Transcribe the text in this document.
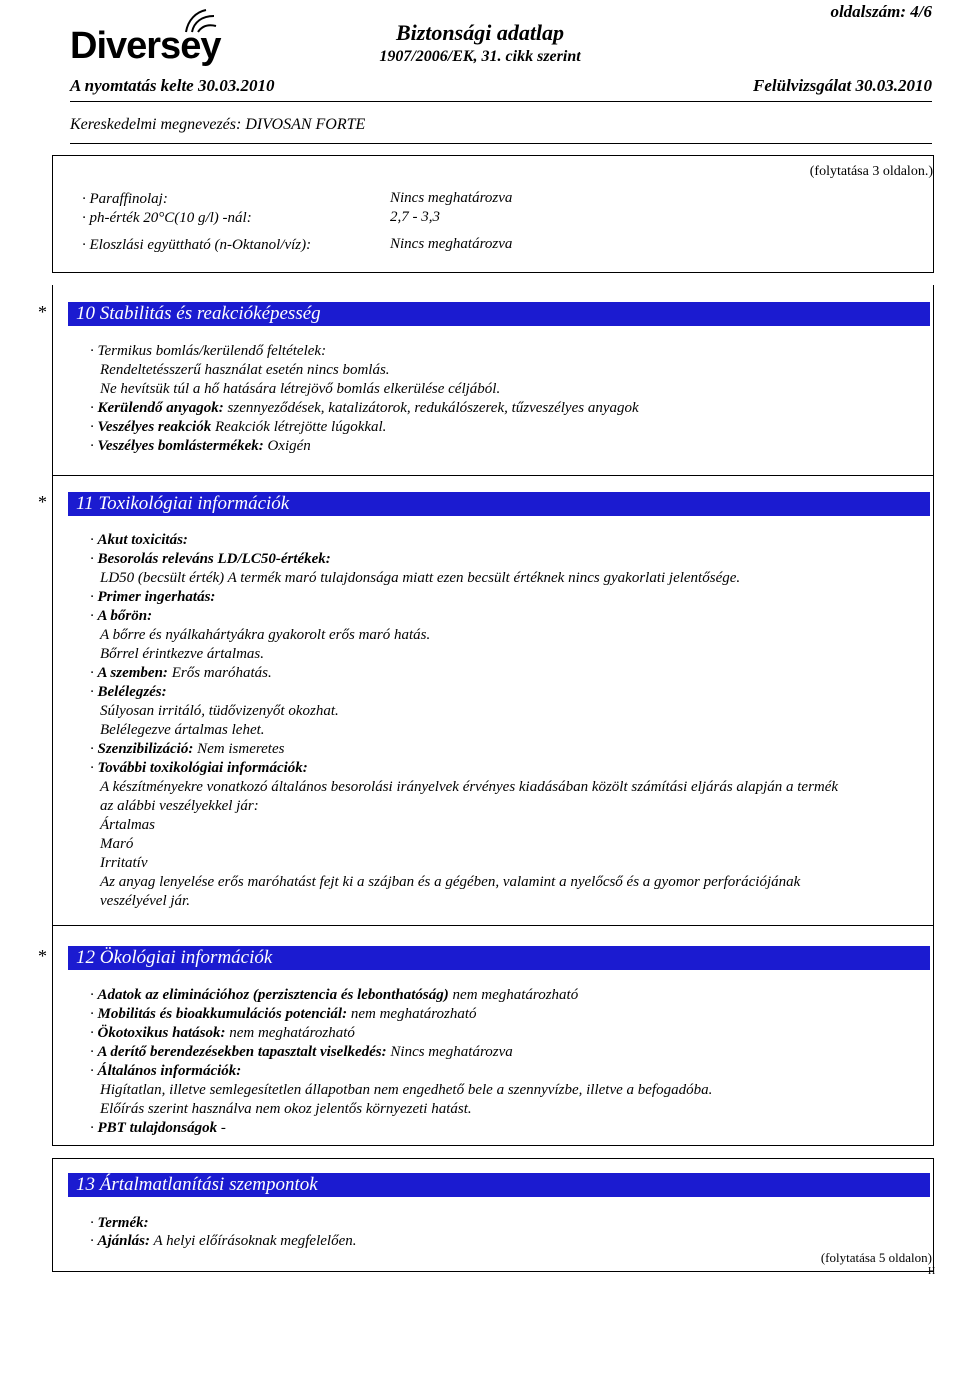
Diversey	Biztonsági adatlap
1907/2006/EK, 31. cikk szerint
oldalszám: 4/6
A nyomtatás kelte 30.03.2010	Felülvizsgálat 30.03.2010
Kereskedelmi megnevezés: DIVOSAN FORTE
(folytatása 3 oldalon.)
· Paraffinolaj:	Nincs meghatározva
· ph-érték 20°C(10 g/l) -nál:	2,7 - 3,3
· Eloszlási együttható (n-Oktanol/víz):	Nincs meghatározva
*	10 Stabilitás és reakcióképesség
· Termikus bomlás/kerülendő feltételek:
Rendeltetésszerű használat esetén nincs bomlás.
Ne hevítsük túl a hő hatására létrejövő bomlás elkerülése céljából.
· Kerülendő anyagok: szennyeződések, katalizátorok, redukálószerek, tűzveszélyes anyagok
· Veszélyes reakciók Reakciók létrejötte lúgokkal.
· Veszélyes bomlástermékek: Oxigén
*	11 Toxikológiai információk
· Akut toxicitás:
· Besorolás releváns LD/LC50-értékek:
LD50 (becsült érték) A termék maró tulajdonsága miatt ezen becsült értéknek nincs gyakorlati jelentősége.
· Primer ingerhatás:
· A bőrön:
A bőrre és nyálkahártyákra gyakorolt erős maró hatás.
Bőrrel érintkezve ártalmas.
· A szemben: Erős maróhatás.
· Belélegzés:
Súlyosan irritáló, tüdővizenyőt okozhat.
Belélegezve ártalmas lehet.
· Szenzibilizáció: Nem ismeretes
· További toxikológiai információk:
A készítményekre vonatkozó általános besorolási irányelvek érvényes kiadásában közölt számítási eljárás alapján a termék
az alábbi veszélyekkel jár:
Ártalmas
Maró
Irritatív
Az anyag lenyelése erős maróhatást fejt ki a szájban és a gégében, valamint a nyelőcső és a gyomor perforációjának
veszélyével jár.
*	12 Ökológiai információk
· Adatok az eliminációhoz (perzisztencia és lebonthatóság) nem meghatározható
· Mobilitás és bioakkumulációs potenciál: nem meghatározható
· Ökotoxikus hatások: nem meghatározható
· A derítő berendezésekben tapasztalt viselkedés: Nincs meghatározva
· Általános információk:
Higítatlan, illetve semlegesítetlen állapotban nem engedhető bele a szennyvízbe, illetve a befogadóba.
Előírás szerint használva nem okoz jelentős környezeti hatást.
· PBT tulajdonságok -
13 Ártalmatlanítási szempontok
· Termék:
· Ajánlás: A helyi előírásoknak megfelelően.
(folytatása 5 oldalon)
H
